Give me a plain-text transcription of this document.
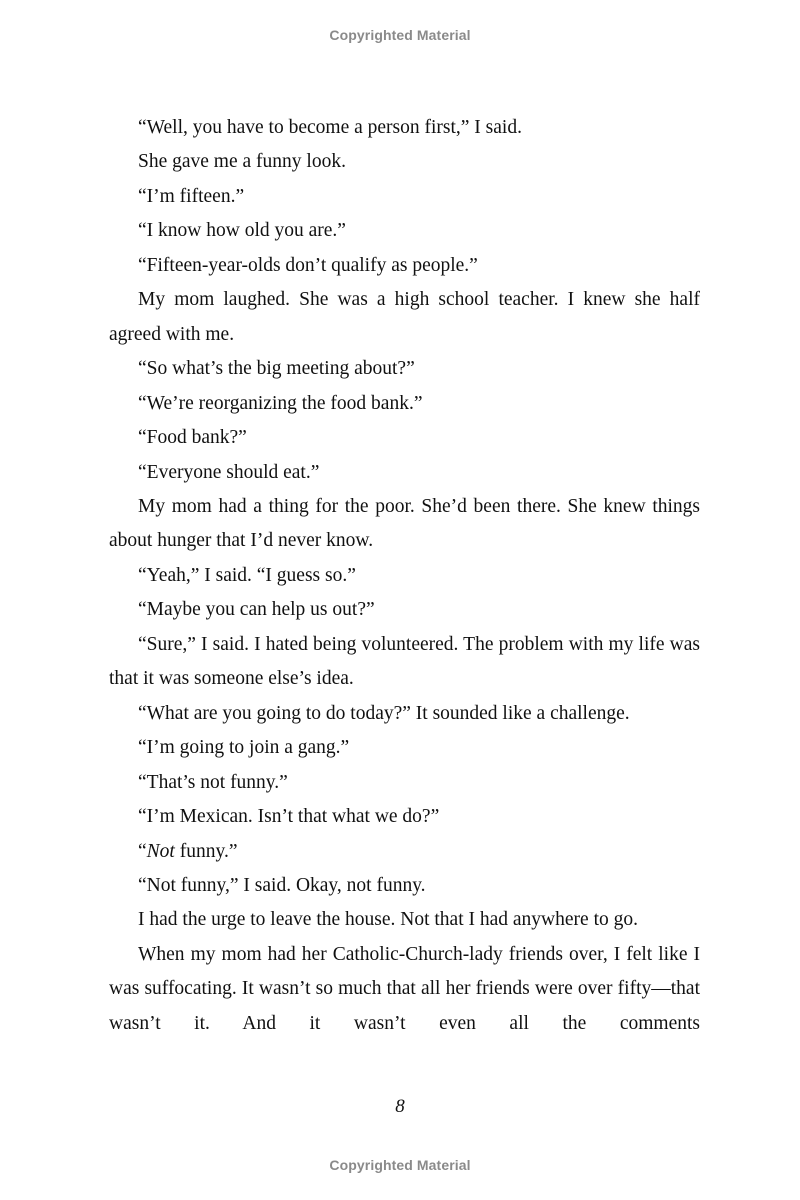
Copyrighted Material

“Well, you have to become a person first,” I said.

She gave me a funny look.

“I’m fifteen.”

“I know how old you are.”

“Fifteen-year-olds don’t qualify as people.”

My mom laughed. She was a high school teacher. I knew she half agreed with me.

“So what’s the big meeting about?”

“We’re reorganizing the food bank.”

“Food bank?”

“Everyone should eat.”

My mom had a thing for the poor. She’d been there. She knew things about hunger that I’d never know.

“Yeah,” I said. “I guess so.”

“Maybe you can help us out?”

“Sure,” I said. I hated being volunteered. The problem with my life was that it was someone else’s idea.

“What are you going to do today?” It sounded like a challenge.

“I’m going to join a gang.”

“That’s not funny.”

“I’m Mexican. Isn’t that what we do?”

“Not funny.”

“Not funny,” I said. Okay, not funny.

I had the urge to leave the house. Not that I had anywhere to go.

When my mom had her Catholic-Church-lady friends over, I felt like I was suffocating. It wasn’t so much that all her friends were over fifty—that wasn’t it. And it wasn’t even all the comments

8
Copyrighted Material
